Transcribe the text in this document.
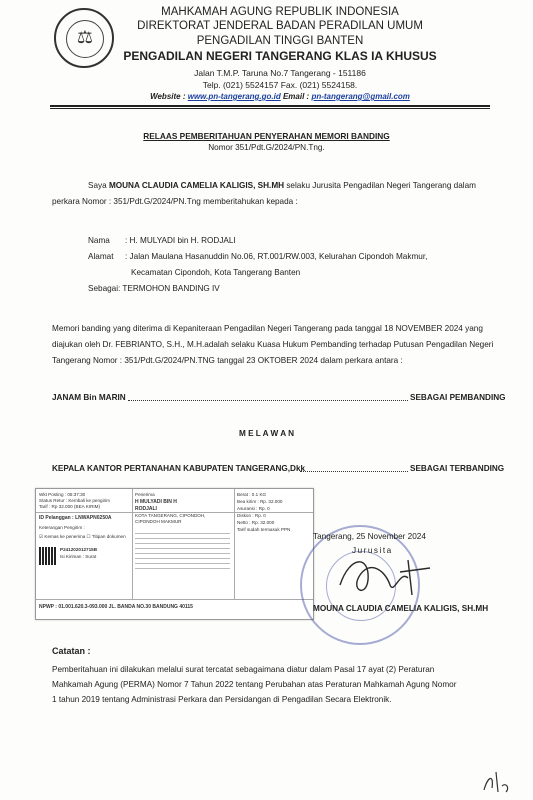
⚖
MAHKAMAH AGUNG REPUBLIK INDONESIA
DIREKTORAT JENDERAL BADAN PERADILAN UMUM
PENGADILAN TINGGI BANTEN
PENGADILAN NEGERI TANGERANG KLAS IA KHUSUS
Jalan T.M.P. Taruna No.7 Tangerang - 151186
Telp. (021) 5524157 Fax. (021) 5524158.
Website : www.pn-tangerang.go.id Email : pn-tangerang@gmail.com
RELAAS PEMBERITAHUAN PENYERAHAN MEMORI BANDING
Nomor 351/Pdt.G/2024/PN.Tng.
Saya MOUNA CLAUDIA CAMELIA KALIGIS, SH.MH selaku Jurusita Pengadilan Negeri Tangerang dalam
perkara Nomor : 351/Pdt.G/2024/PN.Tng memberitahukan kepada :
Nama : H. MULYADI bin H. RODJALI
Alamat : Jalan Maulana Hasanuddin No.06, RT.001/RW.003, Kelurahan Cipondoh Makmur,
Kecamatan Cipondoh, Kota Tangerang Banten
Sebagai : TERMOHON BANDING IV
Memori banding yang diterima di Kepaniteraan Pengadilan Negeri Tangerang pada tanggal 18 NOVEMBER 2024 yang
diajukan oleh Dr. FEBRIANTO, S.H., M.H.adalah selaku Kuasa Hukum Pembanding terhadap Putusan Pengadilan Negeri
Tangerang Nomor : 351/Pdt.G/2024/PN.TNG tanggal 23 OKTOBER 2024 dalam perkara antara :
JANAM Bin MARIN	SEBAGAI PEMBANDING
M E L A W A N
KEPALA KANTOR PERTANAHAN KABUPATEN TANGERANG,Dkk	SEBAGAI TERBANDING
Wkt Posting : 05:37:30
Status Retur : Kembali ke pengirim
Tarif : Rp 32.000 (BEA KIRIM)
ID Pelanggan : LNWAPN0250A
Keterangan Pengirim :
☑ Kemas ke penerima ☐ Titipan dokumen
P241202012715B
Isi Kiriman : Surat
Penerima
H MULYADI BIN H
RODJALI
KOTA TANGERANG, CIPONDOH,
CIPONDOH MAKMUR
Berat : 0.1 KG
Bea kirim : Rp. 32.000
Asuransi : Rp. 0
Diskon : Rp. 0
Netto : Rp. 32.000
Tarif sudah termasuk PPN
NPWP : 01.001.620.3-093.000 JL. BANDA NO.30 BANDUNG 40115
Tangerang, 25 November 2024
Jurusita
MOUNA CLAUDIA CAMELIA KALIGIS, SH.MH
Catatan :
Pemberitahuan ini dilakukan melalui surat tercatat sebagaimana diatur dalam Pasal 17 ayat (2) Peraturan
Mahkamah Agung (PERMA) Nomor 7 Tahun 2022 tentang Perubahan atas Peraturan Mahkamah Agung Nomor
1 tahun 2019 tentang Administrasi Perkara dan Persidangan di Pengadilan Secara Elektronik.
